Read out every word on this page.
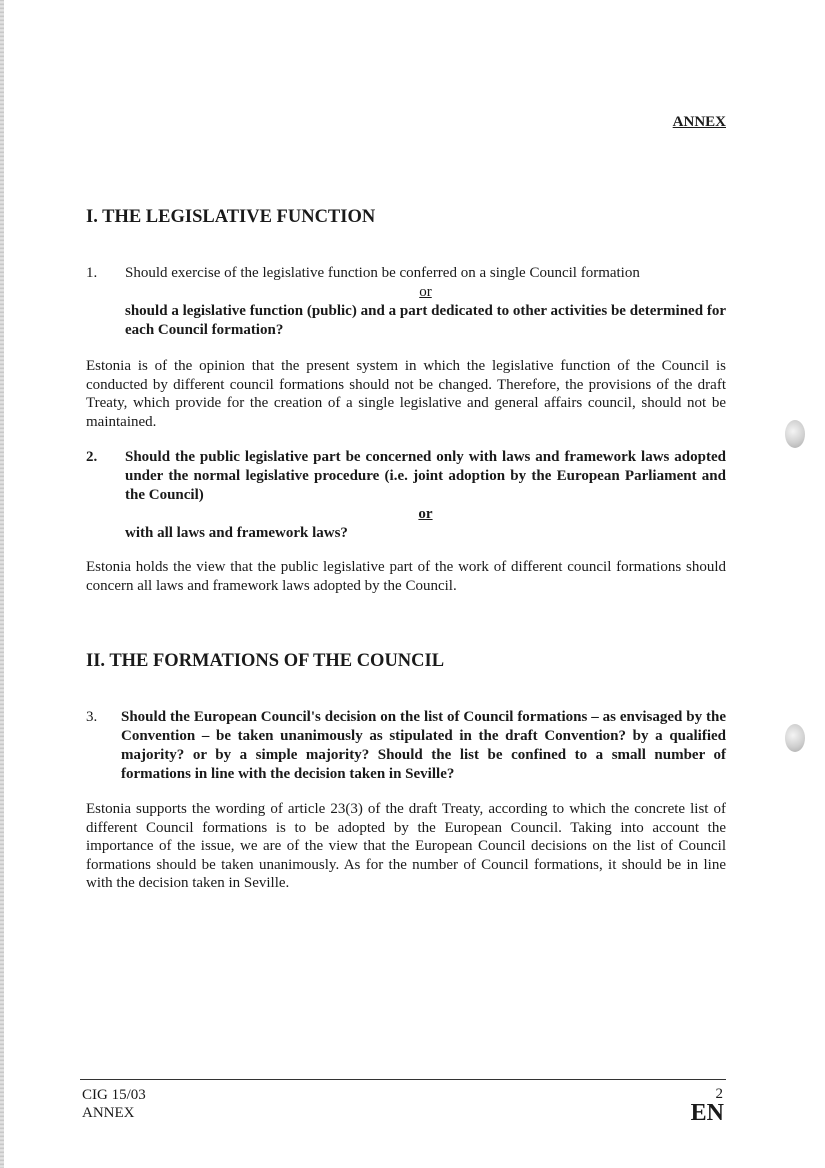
ANNEX
I. THE LEGISLATIVE FUNCTION
1. Should exercise of the legislative function be conferred on a single Council formation
or
should a legislative function (public) and a part dedicated to other activities be determined for each Council formation?
Estonia is of the opinion that the present system in which the legislative function of the Council is conducted by different council formations should not be changed. Therefore, the provisions of the draft Treaty, which provide for the creation of a single legislative and general affairs council, should not be maintained.
2. Should the public legislative part be concerned only with laws and framework laws adopted under the normal legislative procedure (i.e. joint adoption by the European Parliament and the Council)
or
with all laws and framework laws?
Estonia holds the view that the public legislative part of the work of different council formations should concern all laws and framework laws adopted by the Council.
II. THE FORMATIONS OF THE COUNCIL
3. Should the European Council's decision on the list of Council formations – as envisaged by the Convention – be taken unanimously as stipulated in the draft Convention? by a qualified majority? or by a simple majority? Should the list be confined to a small number of formations in line with the decision taken in Seville?
Estonia supports the wording of article 23(3) of the draft Treaty, according to which the concrete list of different Council formations is to be adopted by the European Council. Taking into account the importance of the issue, we are of the view that the European Council decisions on the list of Council formations should be taken unanimously. As for the number of Council formations, it should be in line with the decision taken in Seville.
CIG 15/03
ANNEX
2
EN
